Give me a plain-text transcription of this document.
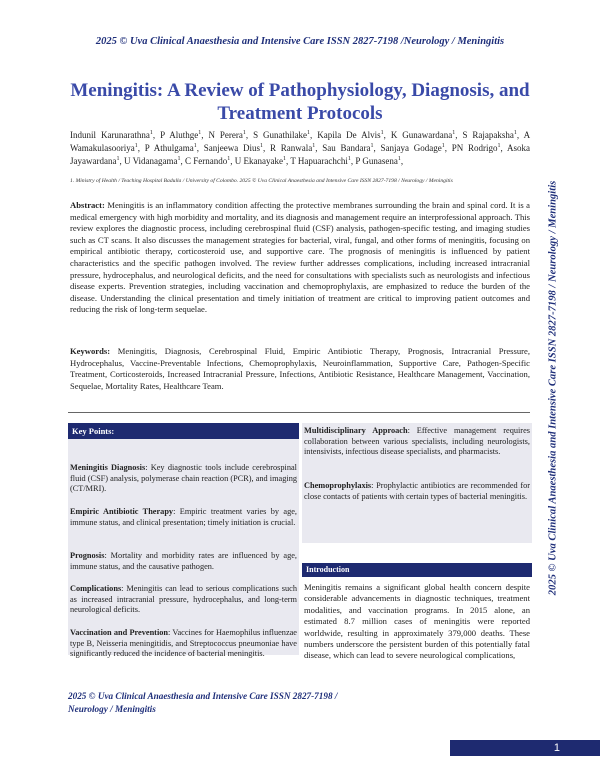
2025 © Uva Clinical Anaesthesia and Intensive Care ISSN 2827-7198 /Neurology / Meningitis
Meningitis: A Review of Pathophysiology, Diagnosis, and Treatment Protocols
Indunil Karunarathna$^1$, P Aluthge$^1$, N Perera$^1$, S Gunathilake$^1$, Kapila De Alvis$^1$, K Gunawardana$^1$, S Rajapaksha$^1$, A Wamakulasooriya$^1$, P Athulgama$^1$, Sanjeewa Dius$^1$, R Ranwala$^1$, Sau Bandara$^1$, Sanjaya Godage$^1$, PN Rodrigo$^1$, Asoka Jayawardana$^1$, U Vidanagama$^1$, C Fernando$^1$, U Ekanayake$^1$, T Hapuarachchi$^1$, P Gunasena$^1$,
1. Ministry of Health / Teaching Hospital Badulla / University of Colombo. 2025 © Uva Clinical Anaesthesia and Intensive Care ISSN 2827-7198 / Neurology / Meningitis
Abstract: Meningitis is an inflammatory condition affecting the protective membranes surrounding the brain and spinal cord. It is a medical emergency with high morbidity and mortality, and its diagnosis and management require an interprofessional approach. This review explores the diagnostic process, including cerebrospinal fluid (CSF) analysis, pathogen-specific testing, and imaging studies such as CT scans. It also discusses the management strategies for bacterial, viral, fungal, and other forms of meningitis, focusing on empirical antibiotic therapy, corticosteroid use, and supportive care. The prognosis of meningitis is influenced by patient characteristics and the specific pathogen involved. The review further addresses complications, including increased intracranial pressure, hydrocephalus, and neurological deficits, and the need for consultations with specialists such as neurologists and infectious disease experts. Prevention strategies, including vaccination and chemoprophylaxis, are emphasized to reduce the burden of the disease. Understanding the clinical presentation and timely initiation of treatment are critical to improving patient outcomes and reducing the risk of long-term sequelae.
Keywords: Meningitis, Diagnosis, Cerebrospinal Fluid, Empiric Antibiotic Therapy, Prognosis, Intracranial Pressure, Hydrocephalus, Vaccine-Preventable Infections, Chemoprophylaxis, Neuroinflammation, Supportive Care, Pathogen-Specific Treatment, Corticosteroids, Increased Intracranial Pressure, Infections, Antibiotic Resistance, Healthcare Management, Vaccination, Sequelae, Mortality Rates, Healthcare Team.
Key Points:
Meningitis Diagnosis: Key diagnostic tools include cerebrospinal fluid (CSF) analysis, polymerase chain reaction (PCR), and imaging (CT/MRI).
Empiric Antibiotic Therapy: Empiric treatment varies by age, immune status, and clinical presentation; timely initiation is crucial.
Prognosis: Mortality and morbidity rates are influenced by age, immune status, and the causative pathogen.
Complications: Meningitis can lead to serious complications such as increased intracranial pressure, hydrocephalus, and long-term neurological deficits.
Vaccination and Prevention: Vaccines for Haemophilus influenzae type B, Neisseria meningitidis, and Streptococcus pneumoniae have significantly reduced the incidence of bacterial meningitis.
Multidisciplinary Approach: Effective management requires collaboration between various specialists, including neurologists, intensivists, infectious disease specialists, and pharmacists.
Chemoprophylaxis: Prophylactic antibiotics are recommended for close contacts of patients with certain types of bacterial meningitis.
Introduction
Meningitis remains a significant global health concern despite considerable advancements in diagnostic techniques, treatment modalities, and vaccination programs. In 2015 alone, an estimated 8.7 million cases of meningitis were reported worldwide, resulting in approximately 379,000 deaths. These numbers underscore the persistent burden of this potentially fatal disease, which can lead to severe neurological complications,
2025 © Uva Clinical Anaesthesia and Intensive Care ISSN 2827-7198 / Neurology / Meningitis
2025 © Uva Clinical Anaesthesia and Intensive Care ISSN 2827-7198 /
Neurology / Meningitis
1
